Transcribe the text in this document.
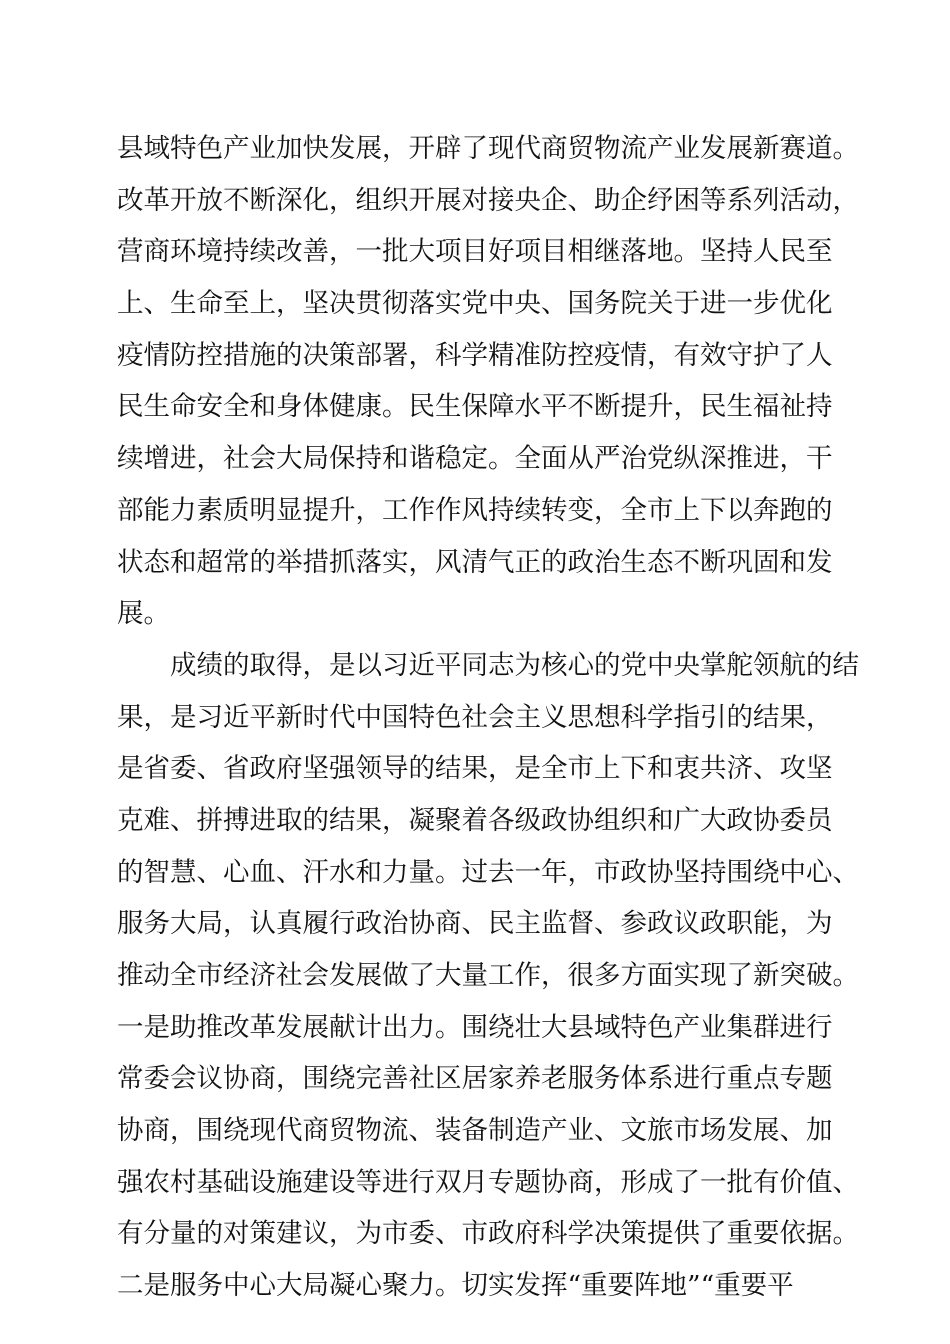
县域特色产业加快发展，开辟了现代商贸物流产业发展新赛道。
改革开放不断深化，组织开展对接央企、助企纾困等系列活动，
营商环境持续改善，一批大项目好项目相继落地。坚持人民至
上、生命至上，坚决贯彻落实党中央、国务院关于进一步优化
疫情防控措施的决策部署，科学精准防控疫情，有效守护了人
民生命安全和身体健康。民生保障水平不断提升，民生福祉持
续增进，社会大局保持和谐稳定。全面从严治党纵深推进，干
部能力素质明显提升，工作作风持续转变，全市上下以奔跑的
状态和超常的举措抓落实，风清气正的政治生态不断巩固和发
展。
　　成绩的取得，是以习近平同志为核心的党中央掌舵领航的结
果，是习近平新时代中国特色社会主义思想科学指引的结果，
是省委、省政府坚强领导的结果，是全市上下和衷共济、攻坚
克难、拼搏进取的结果，凝聚着各级政协组织和广大政协委员
的智慧、心血、汗水和力量。过去一年，市政协坚持围绕中心、
服务大局，认真履行政治协商、民主监督、参政议政职能，为
推动全市经济社会发展做了大量工作，很多方面实现了新突破。
一是助推改革发展献计出力。围绕壮大县域特色产业集群进行
常委会议协商，围绕完善社区居家养老服务体系进行重点专题
协商，围绕现代商贸物流、装备制造产业、文旅市场发展、加
强农村基础设施建设等进行双月专题协商，形成了一批有价值、
有分量的对策建议，为市委、市政府科学决策提供了重要依据。
二是服务中心大局凝心聚力。切实发挥“重要阵地”“重要平
